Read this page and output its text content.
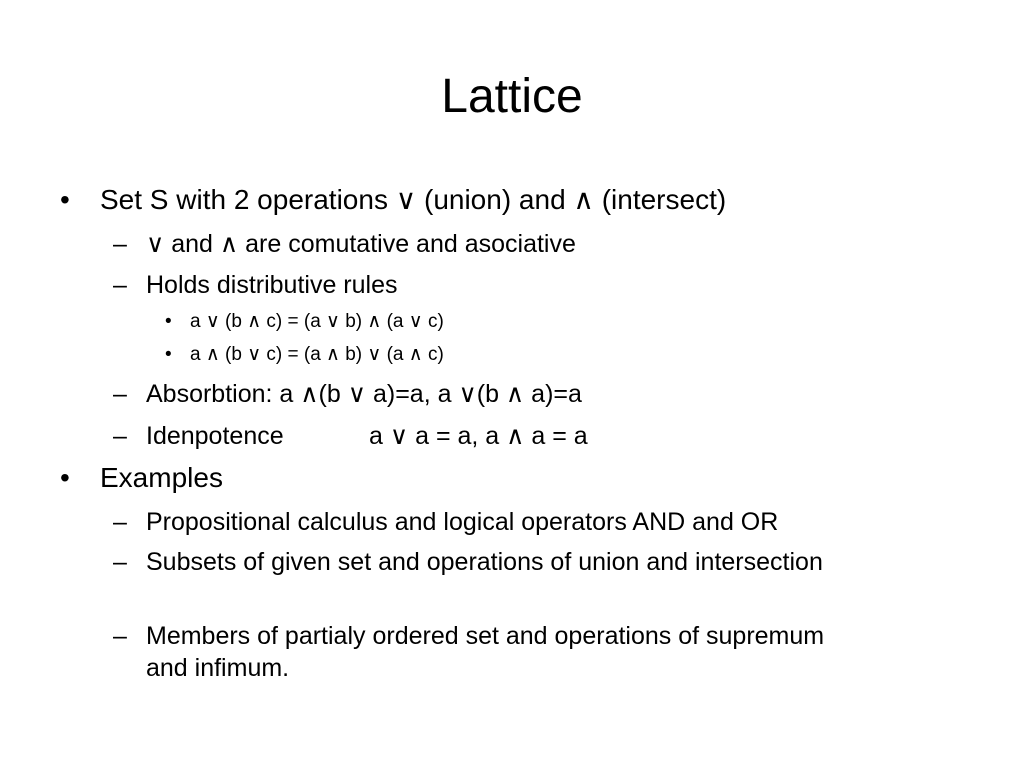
Lattice
• Set S with 2 operations ∨ (union) and ∧ (intersect)
– ∨ and ∧ are comutative and asociative
– Holds distributive rules
• a ∨ (b ∧ c) = (a ∨ b) ∧ (a ∨ c)
• a ∧ (b ∨ c) = (a ∧ b) ∨ (a ∧ c)
– Absorbtion: a ∧(b ∨ a)=a, a ∨(b ∧ a)=a
– Idenpotence	a ∨ a = a, a ∧ a = a
• Examples
– Propositional calculus and logical operators AND and OR
– Subsets of given set and operations of union and intersection
– Members of partialy ordered set and operations of supremum and infimum.
